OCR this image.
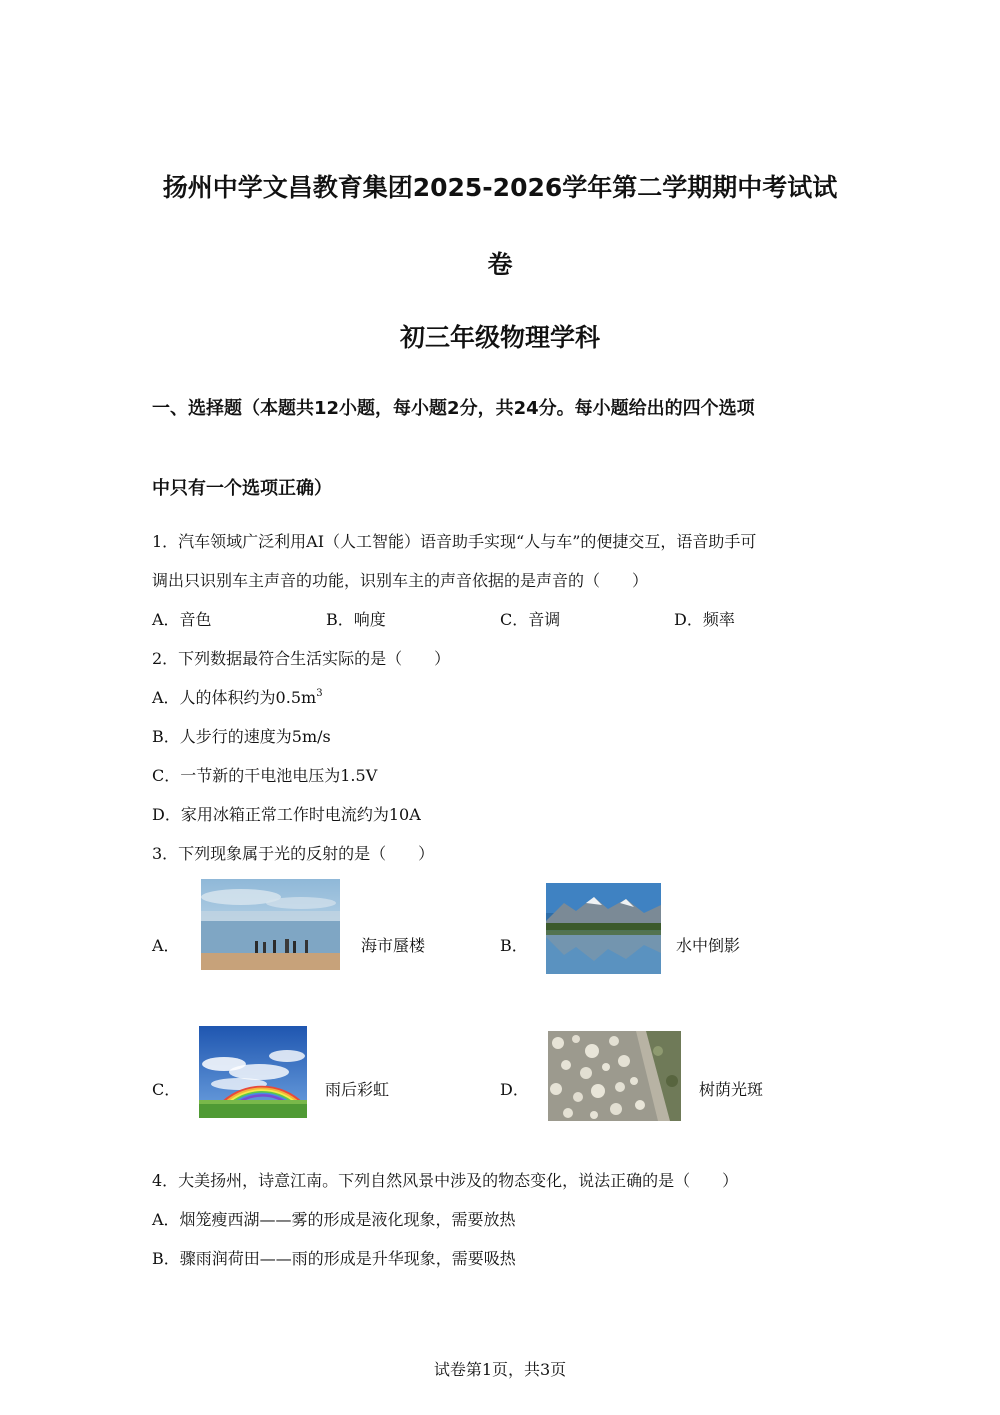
扬州中学文昌教育集团2025-2026学年第二学期期中考试试
卷
初三年级物理学科
一、选择题（本题共12小题，每小题2分，共24分。每小题给出的四个选项
中只有一个选项正确）
1．汽车领域广泛利用AI（人工智能）语音助手实现“人与车”的便捷交互，语音助手可
调出只识别车主声音的功能，识别车主的声音依据的是声音的（　　）
A．音色	B．响度	C．音调	D．频率
2．下列数据最符合生活实际的是（　　）
A．人的体积约为$0.5m^3$
B．人步行的速度为5m/s
C．一节新的干电池电压为1.5V
D．家用冰箱正常工作时电流约为10A
3．下列现象属于光的反射的是（　　）
A．	海市蜃楼	B．	水中倒影
C．	雨后彩虹	D．	树荫光斑
4．大美扬州，诗意江南。下列自然风景中涉及的物态变化，说法正确的是（　　）
A．烟笼瘦西湖——雾的形成是液化现象，需要放热
B．骤雨润荷田——雨的形成是升华现象，需要吸热
试卷第1页，共3页
